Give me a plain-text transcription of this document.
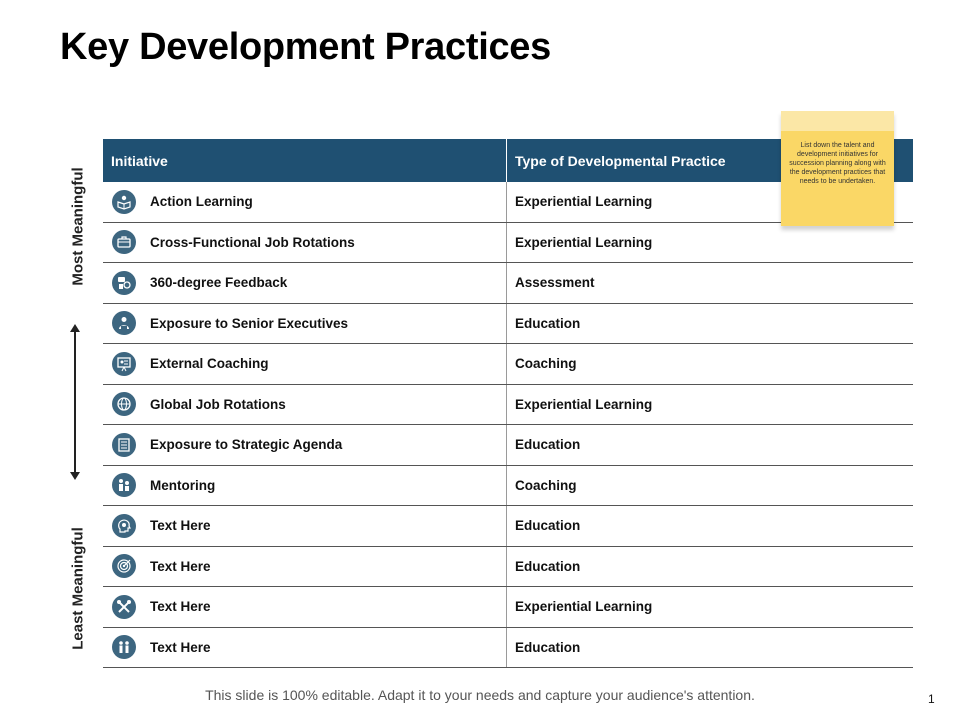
Key Development Practices
Most Meaningful
Least Meaningful
Initiative	Type of Developmental Practice
Action Learning	Experiential Learning
Cross-Functional Job Rotations	Experiential Learning
360-degree Feedback	Assessment
Exposure to Senior Executives	Education
External Coaching	Coaching
Global Job Rotations	Experiential Learning
Exposure to Strategic Agenda	Education
Mentoring	Coaching
Text Here	Education
Text Here	Education
Text Here	Experiential Learning
Text Here	Education
List down the talent and development initiatives for succession planning along with the development practices that needs to be undertaken.
This slide is 100% editable. Adapt it to your needs and capture your audience's attention.	1
